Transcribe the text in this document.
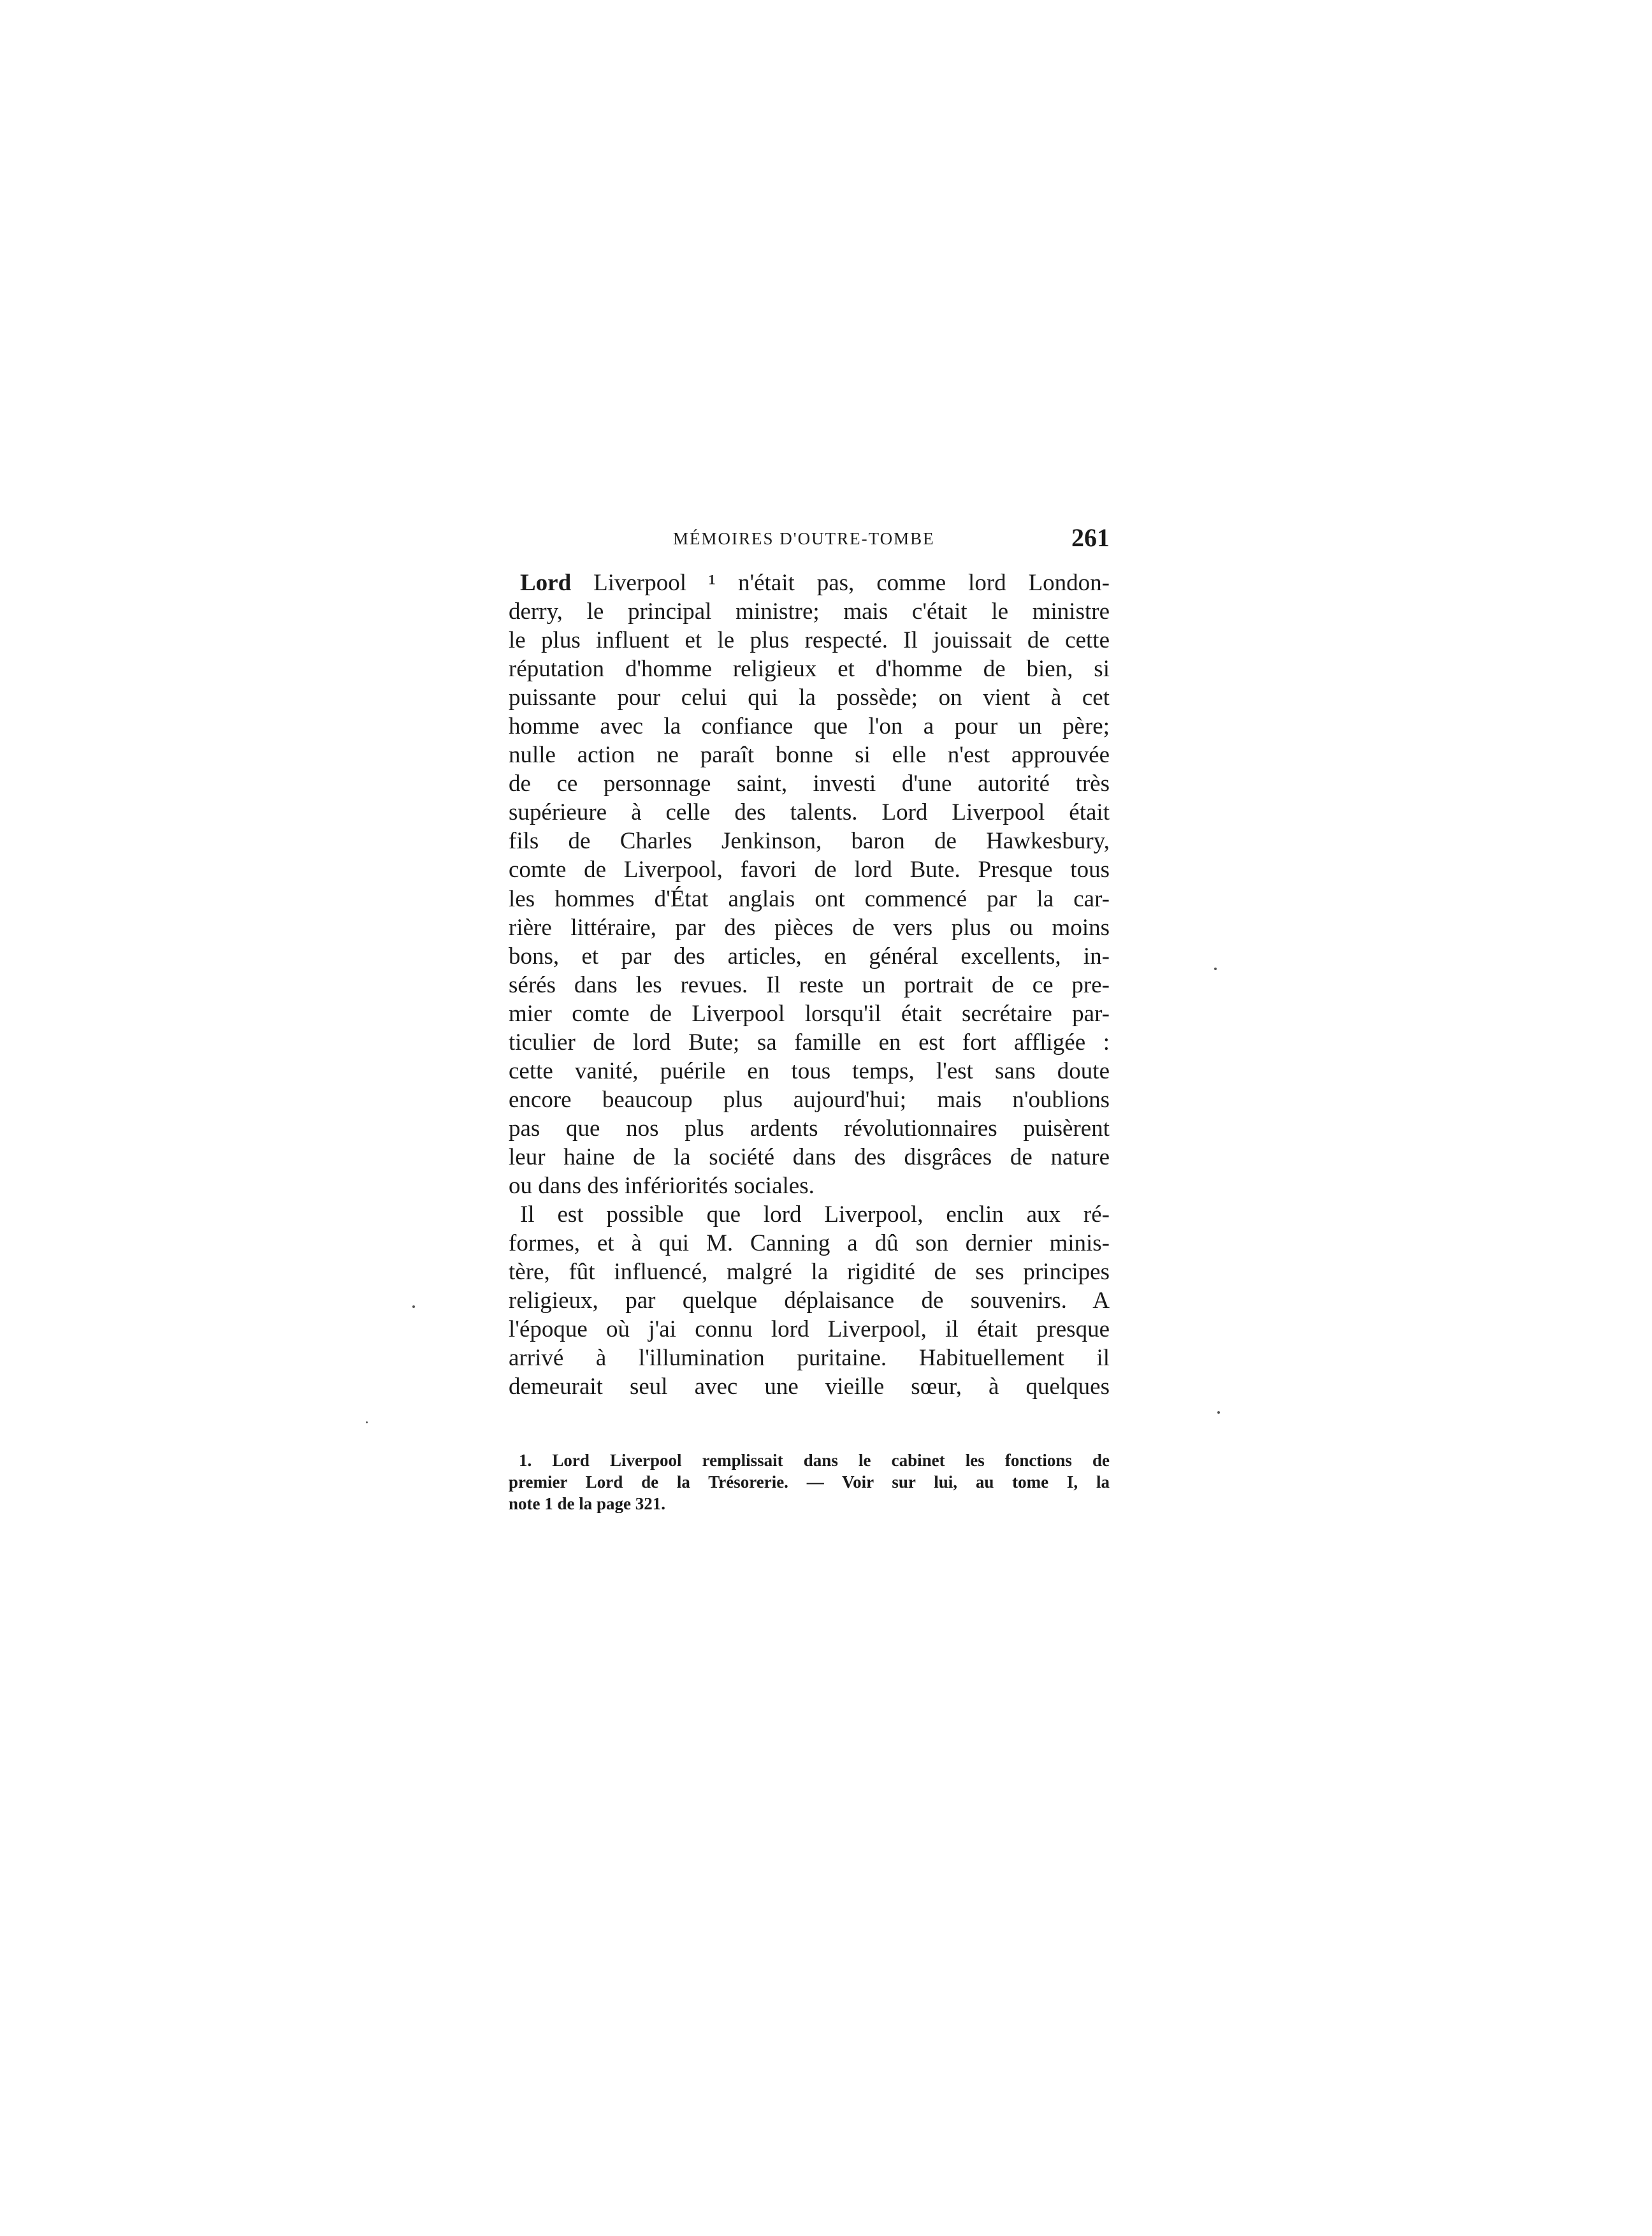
MÉMOIRES D'OUTRE-TOMBE	261
Lord Liverpool ¹ n'était pas, comme lord London-
derry, le principal ministre; mais c'était le ministre
le plus influent et le plus respecté. Il jouissait de cette
réputation d'homme religieux et d'homme de bien, si
puissante pour celui qui la possède; on vient à cet
homme avec la confiance que l'on a pour un père;
nulle action ne paraît bonne si elle n'est approuvée
de ce personnage saint, investi d'une autorité très
supérieure à celle des talents. Lord Liverpool était
fils de Charles Jenkinson, baron de Hawkesbury,
comte de Liverpool, favori de lord Bute. Presque tous
les hommes d'État anglais ont commencé par la car-
rière littéraire, par des pièces de vers plus ou moins
bons, et par des articles, en général excellents, in-
sérés dans les revues. Il reste un portrait de ce pre-
mier comte de Liverpool lorsqu'il était secrétaire par-
ticulier de lord Bute; sa famille en est fort affligée :
cette vanité, puérile en tous temps, l'est sans doute
encore beaucoup plus aujourd'hui; mais n'oublions
pas que nos plus ardents révolutionnaires puisèrent
leur haine de la société dans des disgrâces de nature
ou dans des infériorités sociales.
Il est possible que lord Liverpool, enclin aux ré-
formes, et à qui M. Canning a dû son dernier minis-
tère, fût influencé, malgré la rigidité de ses principes
religieux, par quelque déplaisance de souvenirs. A
l'époque où j'ai connu lord Liverpool, il était presque
arrivé à l'illumination puritaine. Habituellement il
demeurait seul avec une vieille sœur, à quelques
1. Lord Liverpool remplissait dans le cabinet les fonctions de
premier Lord de la Trésorerie. — Voir sur lui, au tome I, la
note 1 de la page 321.
